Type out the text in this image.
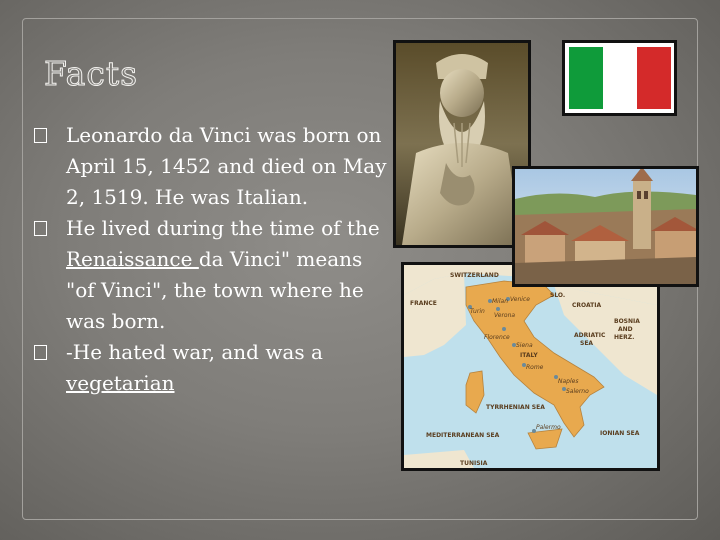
Facts
Leonardo da Vinci was born on April 15, 1452 and died on May 2, 1519. He was Italian.
He lived during the time of the Renaissance da Vinci" means "of Vinci", the town where he was born.
-He hated war, and was a vegetarian
SWITZERLAND
SLO.
FRANCE	CROATIA
BOSNIA
AND
HERZ.
ITALY
ADRIATIC
SEA
TYRRHENIAN SEA
IONIAN SEA
MEDITERRANEAN SEA
TUNISIA
Milan Venice
Turin
Verona
Florence
Siena
Rome
Naples
Salerno
Palermo
